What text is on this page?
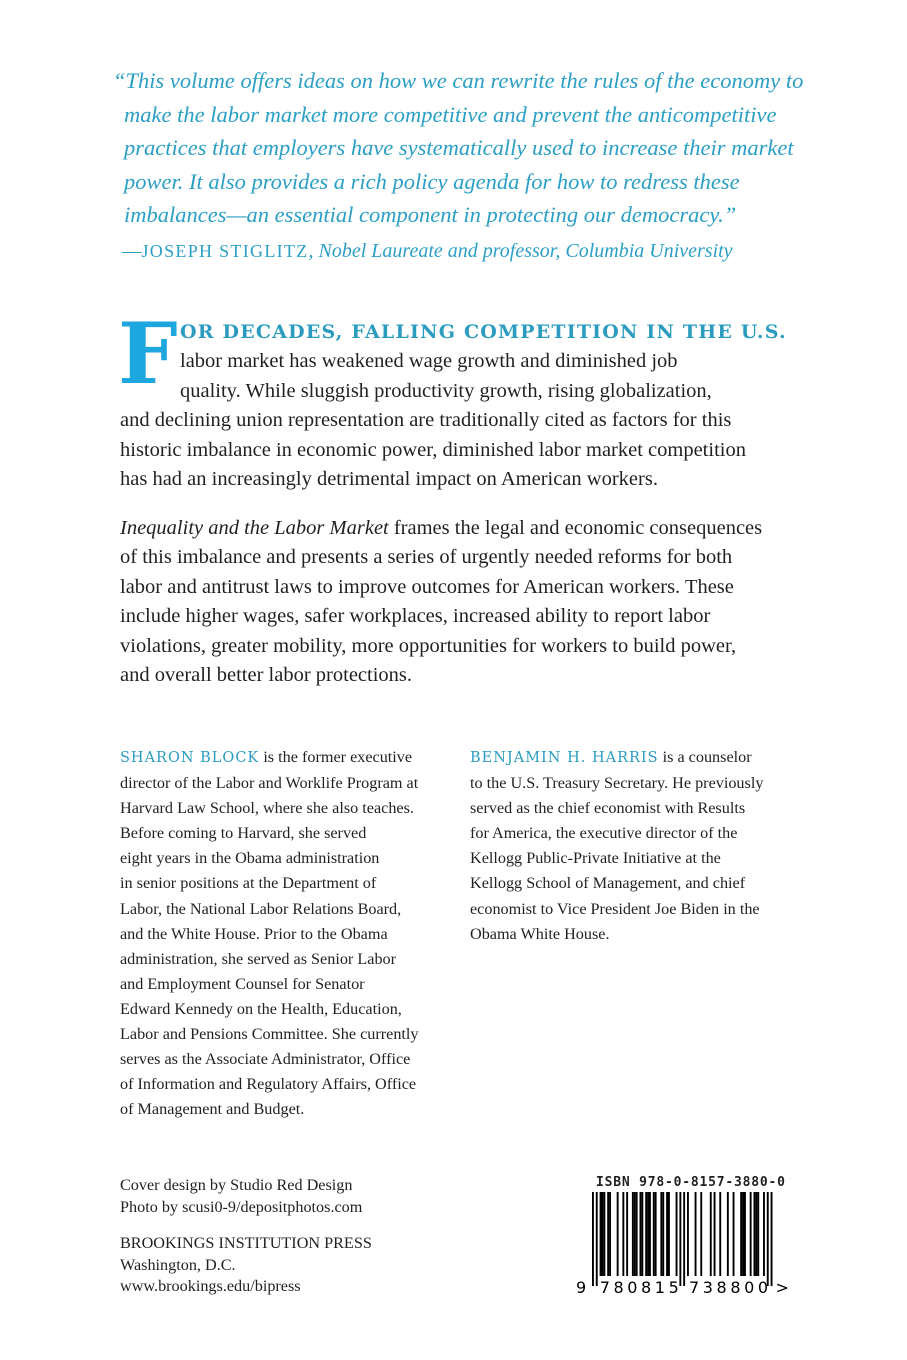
“This volume offers ideas on how we can rewrite the rules of the economy to
make the labor market more competitive and prevent the anticompetitive
practices that employers have systematically used to increase their market
power. It also provides a rich policy agenda for how to redress these
imbalances—an essential component in protecting our democracy.”
—JOSEPH STIGLITZ, Nobel Laureate and professor, Columbia University
F OR DECADES, FALLING COMPETITION IN THE U.S.
labor market has weakened wage growth and diminished job
quality. While sluggish productivity growth, rising globalization,
and declining union representation are traditionally cited as factors for this
historic imbalance in economic power, diminished labor market competition
has had an increasingly detrimental impact on American workers.
Inequality and the Labor Market frames the legal and economic consequences
of this imbalance and presents a series of urgently needed reforms for both
labor and antitrust laws to improve outcomes for American workers. These
include higher wages, safer workplaces, increased ability to report labor
violations, greater mobility, more opportunities for workers to build power,
and overall better labor protections.
SHARON BLOCK is the former executive
director of the Labor and Worklife Program at
Harvard Law School, where she also teaches.
Before coming to Harvard, she served
eight years in the Obama administration
in senior positions at the Department of
Labor, the National Labor Relations Board,
and the White House. Prior to the Obama
administration, she served as Senior Labor
and Employment Counsel for Senator
Edward Kennedy on the Health, Education,
Labor and Pensions Committee. She currently
serves as the Associate Administrator, Office
of Information and Regulatory Affairs, Office
of Management and Budget.
BENJAMIN H. HARRIS is a counselor
to the U.S. Treasury Secretary. He previously
served as the chief economist with Results
for America, the executive director of the
Kellogg Public-Private Initiative at the
Kellogg School of Management, and chief
economist to Vice President Joe Biden in the
Obama White House.
Cover design by Studio Red Design
Photo by scusi0-9/depositphotos.com
BROOKINGS INSTITUTION PRESS
Washington, D.C.
www.brookings.edu/bipress
ISBN 978-0-8157-3880-0
9 780815 738800 >
